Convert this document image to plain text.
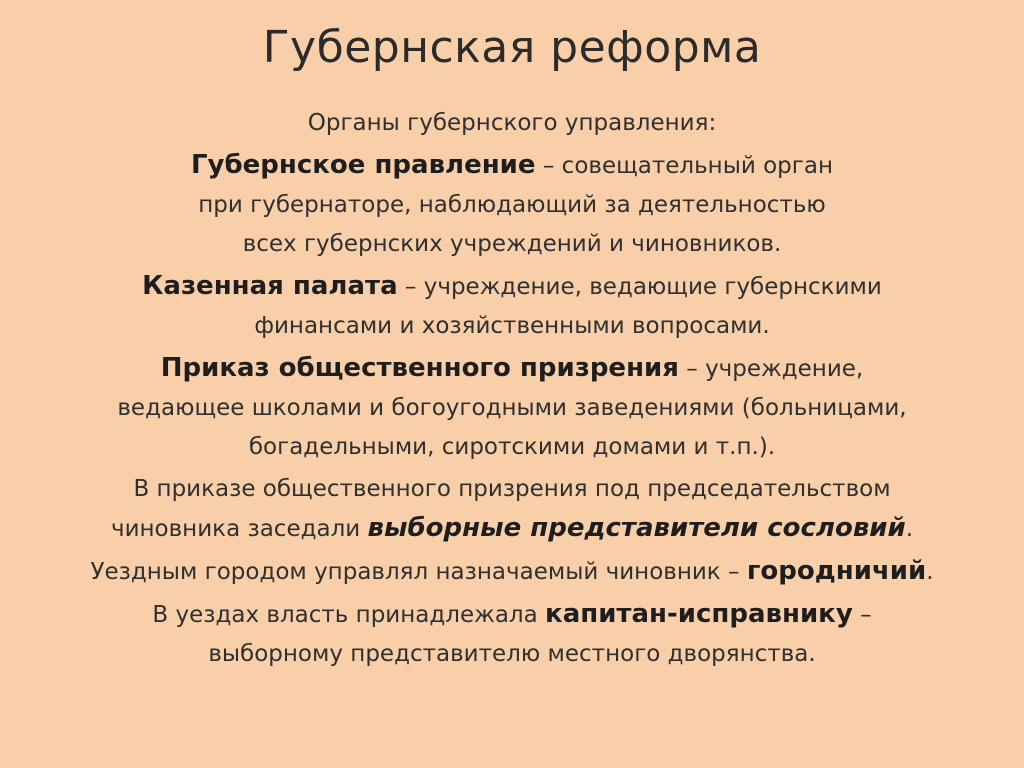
Губернская реформа
Органы губернского управления:
Губернское правление – совещательный орган
при губернаторе, наблюдающий за деятельностью
всех губернских учреждений и чиновников.
Казенная палата – учреждение, ведающие губернскими
финансами и хозяйственными вопросами.
Приказ общественного призрения – учреждение,
ведающее школами и богоугодными заведениями (больницами,
богадельными, сиротскими домами и т.п.).
В приказе общественного призрения под председательством
чиновника заседали выборные представители сословий.
Уездным городом управлял назначаемый чиновник – городничий.
В уездах власть принадлежала капитан-исправнику –
выборному представителю местного дворянства.
